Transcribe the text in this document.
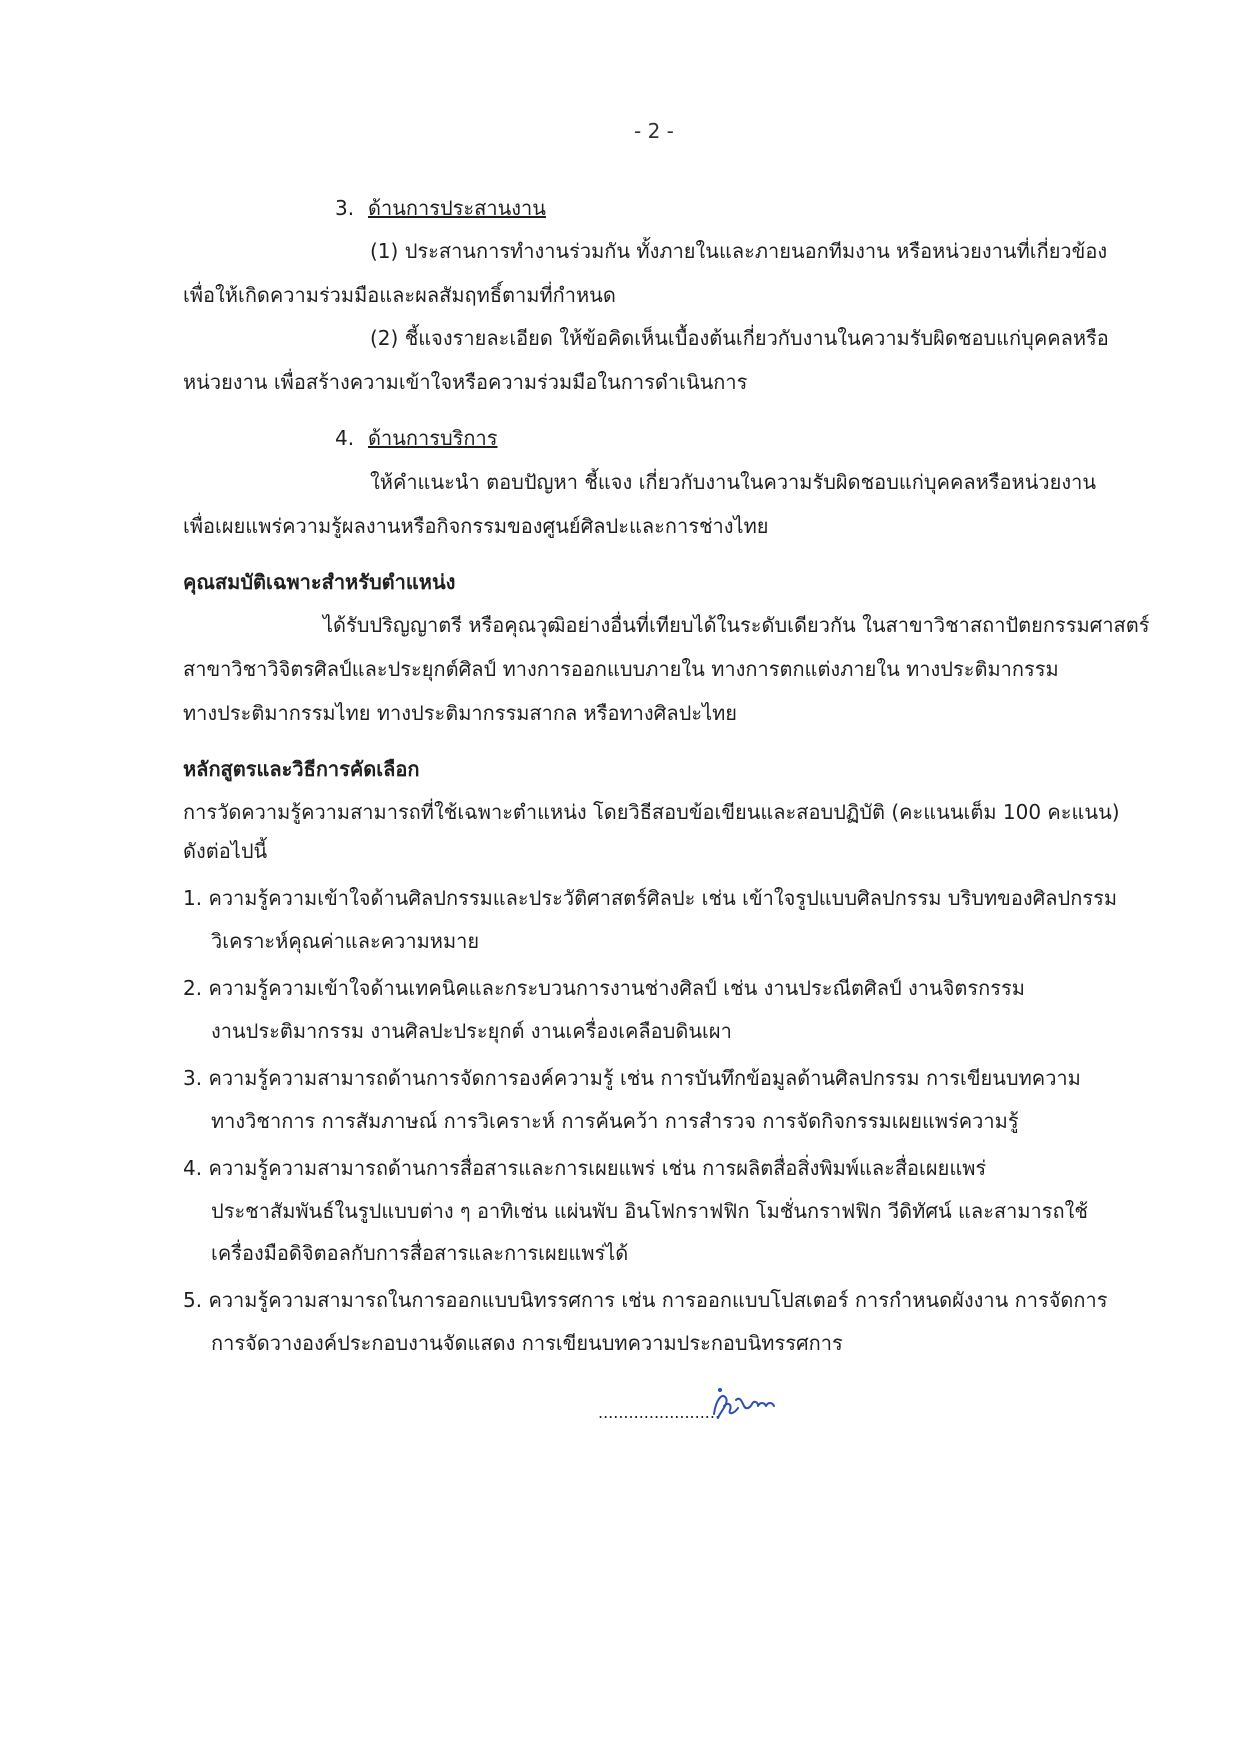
- 2 -
3. ด้านการประสานงาน
(1) ประสานการทำงานร่วมกัน ทั้งภายในและภายนอกทีมงาน หรือหน่วยงานที่เกี่ยวข้อง
เพื่อให้เกิดความร่วมมือและผลสัมฤทธิ์ตามที่กำหนด
(2) ชี้แจงรายละเอียด ให้ข้อคิดเห็นเบื้องต้นเกี่ยวกับงานในความรับผิดชอบแก่บุคคลหรือ
หน่วยงาน เพื่อสร้างความเข้าใจหรือความร่วมมือในการดำเนินการ
4. ด้านการบริการ
ให้คำแนะนำ ตอบปัญหา ชี้แจง เกี่ยวกับงานในความรับผิดชอบแก่บุคคลหรือหน่วยงาน
เพื่อเผยแพร่ความรู้ผลงานหรือกิจกรรมของศูนย์ศิลปะและการช่างไทย
คุณสมบัติเฉพาะสำหรับตำแหน่ง
ได้รับปริญญาตรี หรือคุณวุฒิอย่างอื่นที่เทียบได้ในระดับเดียวกัน ในสาขาวิชาสถาปัตยกรรมศาสตร์
สาขาวิชาวิจิตรศิลป์และประยุกต์ศิลป์ ทางการออกแบบภายใน ทางการตกแต่งภายใน ทางประติมากรรม
ทางประติมากรรมไทย ทางประติมากรรมสากล หรือทางศิลปะไทย
หลักสูตรและวิธีการคัดเลือก
การวัดความรู้ความสามารถที่ใช้เฉพาะตำแหน่ง โดยวิธีสอบข้อเขียนและสอบปฏิบัติ (คะแนนเต็ม 100 คะแนน)
ดังต่อไปนี้
1. ความรู้ความเข้าใจด้านศิลปกรรมและประวัติศาสตร์ศิลปะ เช่น เข้าใจรูปแบบศิลปกรรม บริบทของศิลปกรรม
วิเคราะห์คุณค่าและความหมาย
2. ความรู้ความเข้าใจด้านเทคนิคและกระบวนการงานช่างศิลป์ เช่น งานประณีตศิลป์ งานจิตรกรรม
งานประติมากรรม งานศิลปะประยุกต์ งานเครื่องเคลือบดินเผา
3. ความรู้ความสามารถด้านการจัดการองค์ความรู้ เช่น การบันทึกข้อมูลด้านศิลปกรรม การเขียนบทความ
ทางวิชาการ การสัมภาษณ์ การวิเคราะห์ การค้นคว้า การสำรวจ การจัดกิจกรรมเผยแพร่ความรู้
4. ความรู้ความสามารถด้านการสื่อสารและการเผยแพร่ เช่น การผลิตสื่อสิ่งพิมพ์และสื่อเผยแพร่
ประชาสัมพันธ์ในรูปแบบต่าง ๆ อาทิเช่น แผ่นพับ อินโฟกราฟฟิก โมชั่นกราฟฟิก วีดิทัศน์ และสามารถใช้
เครื่องมือดิจิตอลกับการสื่อสารและการเผยแพร่ได้
5. ความรู้ความสามารถในการออกแบบนิทรรศการ เช่น การออกแบบโปสเตอร์ การกำหนดผังงาน การจัดการ
การจัดวางองค์ประกอบงานจัดแสดง การเขียนบทความประกอบนิทรรศการ
........................
